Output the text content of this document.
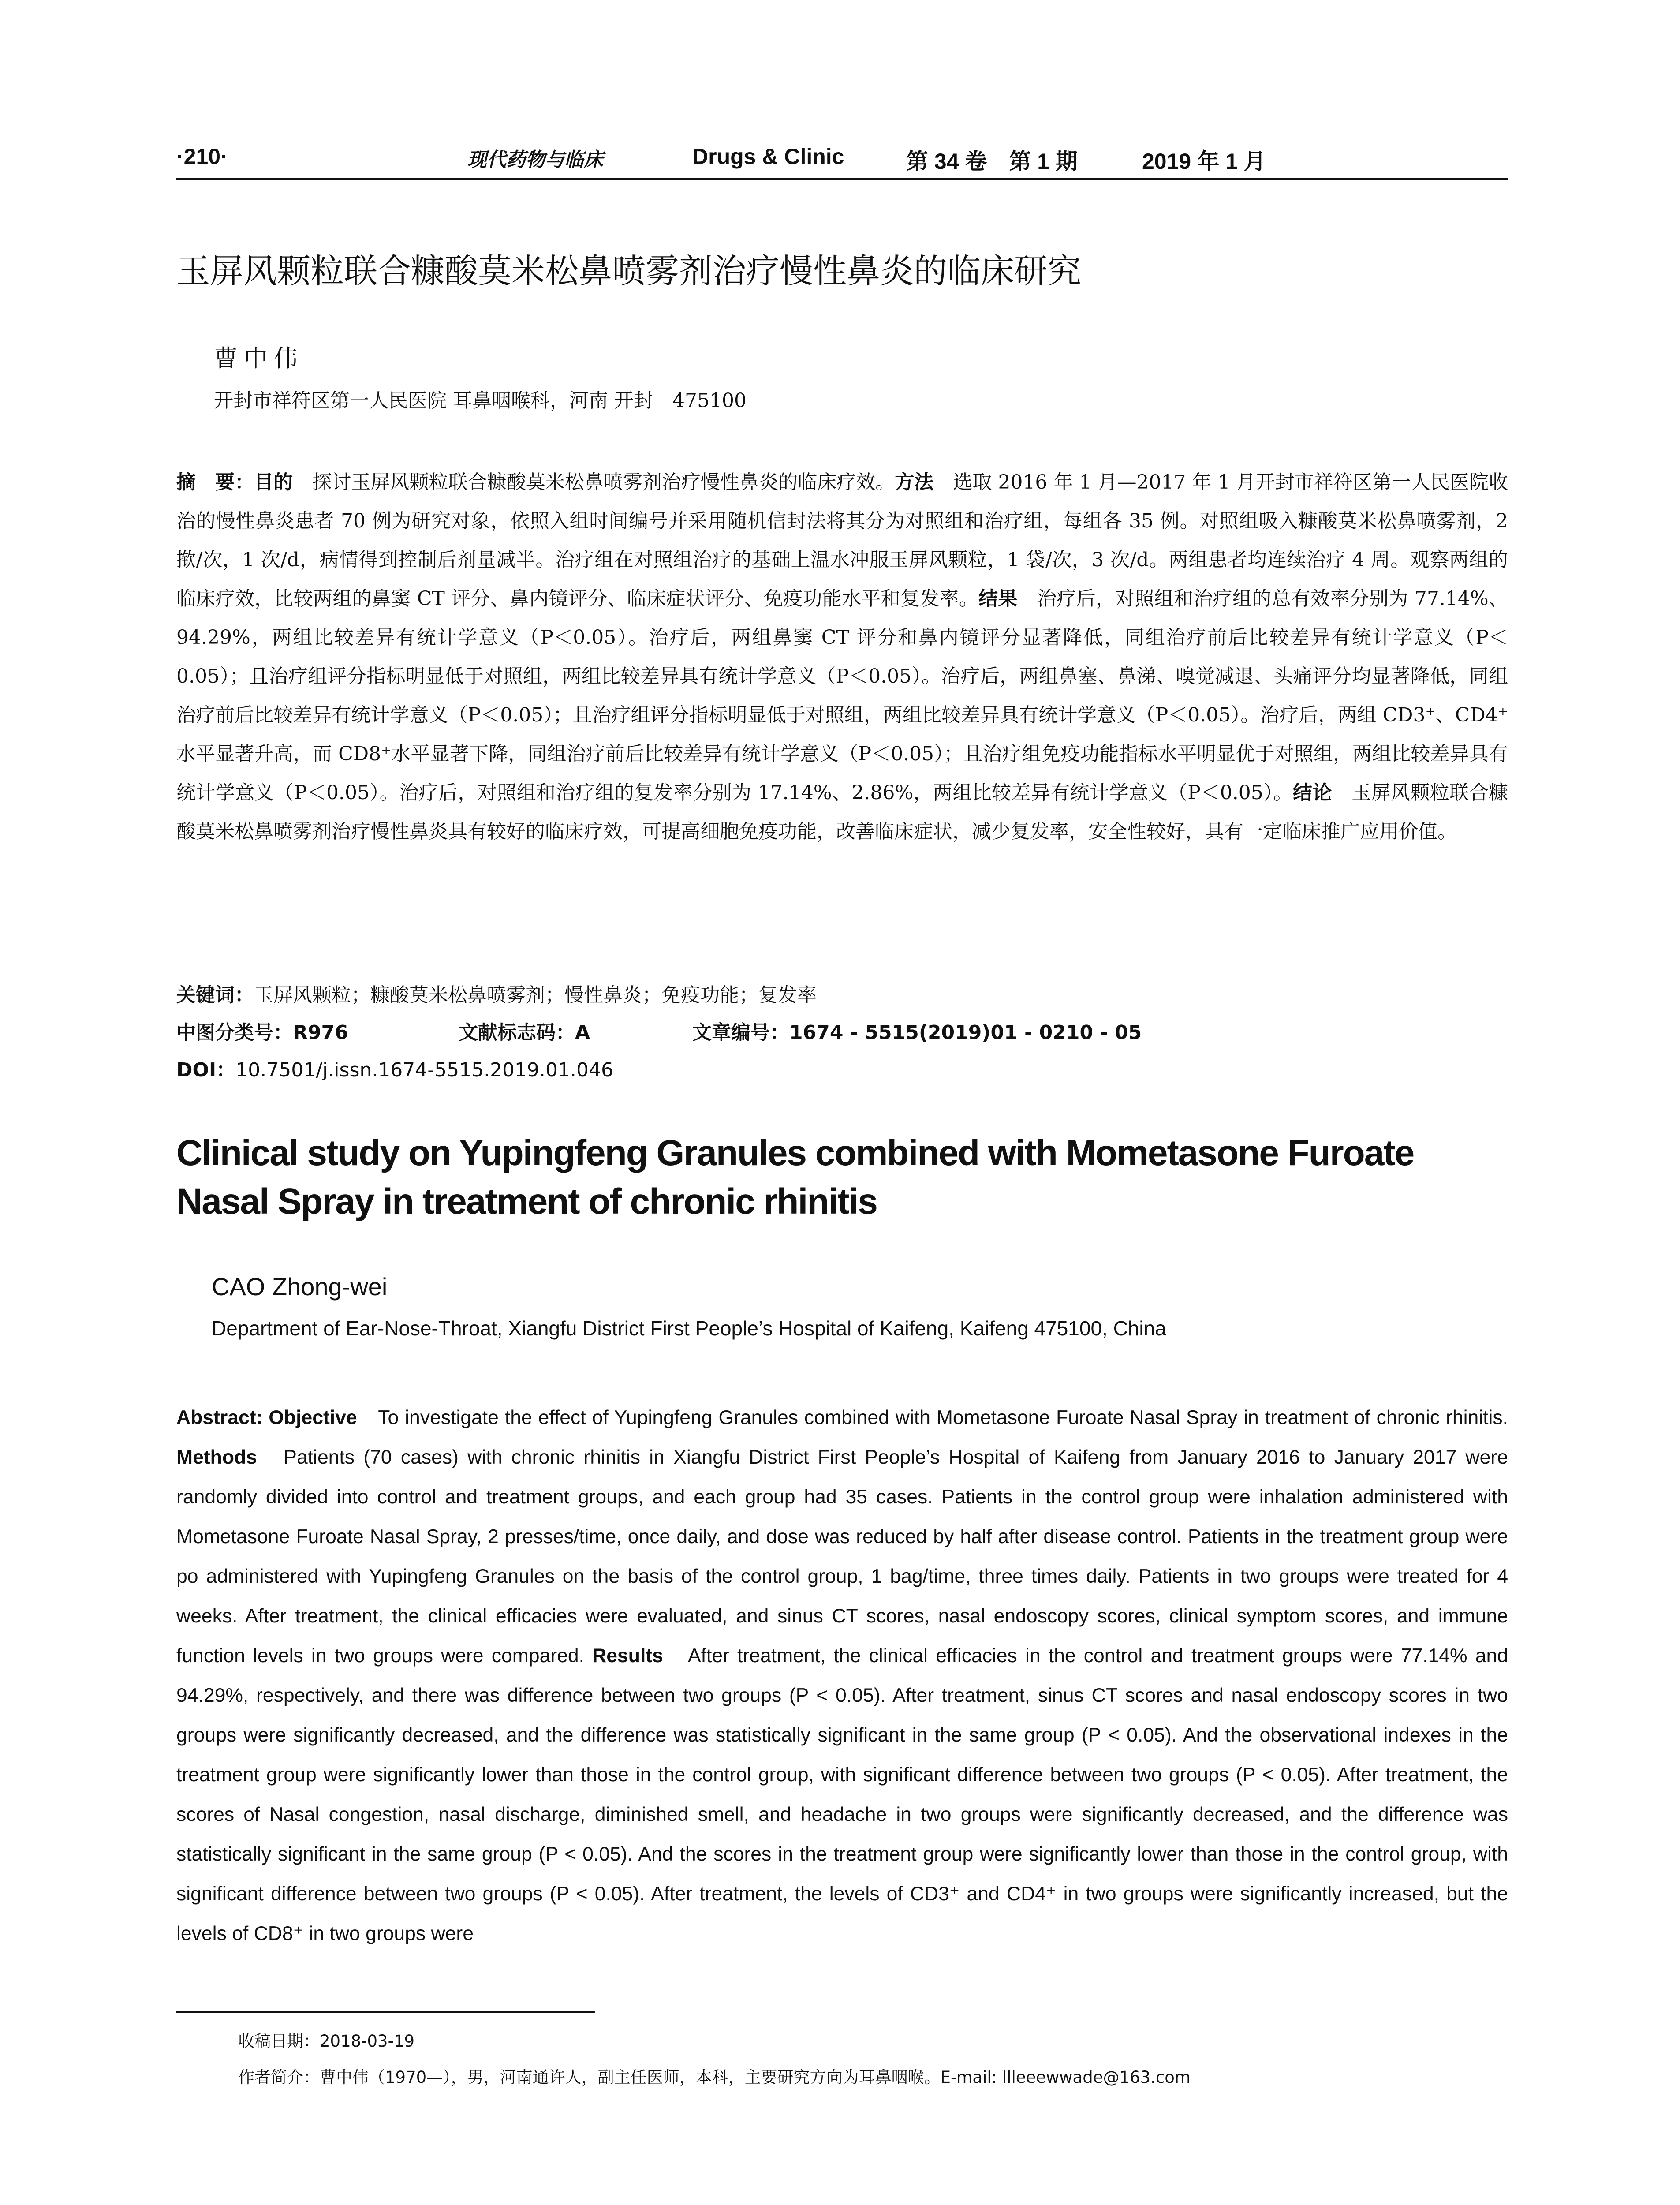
·210·	现代药物与临床	Drugs & Clinic	第 34 卷　第 1 期	2019 年 1 月
玉屏风颗粒联合糠酸莫米松鼻喷雾剂治疗慢性鼻炎的临床研究
曹中伟
开封市祥符区第一人民医院 耳鼻咽喉科，河南 开封　475100
摘　要：目的　探讨玉屏风颗粒联合糠酸莫米松鼻喷雾剂治疗慢性鼻炎的临床疗效。方法　选取 2016 年 1 月—2017 年 1 月开封市祥符区第一人民医院收治的慢性鼻炎患者 70 例为研究对象，依照入组时间编号并采用随机信封法将其分为对照组和治疗组，每组各 35 例。对照组吸入糠酸莫米松鼻喷雾剂，2 揿/次，1 次/d，病情得到控制后剂量减半。治疗组在对照组治疗的基础上温水冲服玉屏风颗粒，1 袋/次，3 次/d。两组患者均连续治疗 4 周。观察两组的临床疗效，比较两组的鼻窦 CT 评分、鼻内镜评分、临床症状评分、免疫功能水平和复发率。结果　治疗后，对照组和治疗组的总有效率分别为 77.14%、94.29%，两组比较差异有统计学意义（P＜0.05）。治疗后，两组鼻窦 CT 评分和鼻内镜评分显著降低，同组治疗前后比较差异有统计学意义（P＜0.05）；且治疗组评分指标明显低于对照组，两组比较差异具有统计学意义（P＜0.05）。治疗后，两组鼻塞、鼻涕、嗅觉减退、头痛评分均显著降低，同组治疗前后比较差异有统计学意义（P＜0.05）；且治疗组评分指标明显低于对照组，两组比较差异具有统计学意义（P＜0.05）。治疗后，两组 CD3⁺、CD4⁺水平显著升高，而 CD8⁺水平显著下降，同组治疗前后比较差异有统计学意义（P＜0.05）；且治疗组免疫功能指标水平明显优于对照组，两组比较差异具有统计学意义（P＜0.05）。治疗后，对照组和治疗组的复发率分别为 17.14%、2.86%，两组比较差异有统计学意义（P＜0.05）。结论　玉屏风颗粒联合糠酸莫米松鼻喷雾剂治疗慢性鼻炎具有较好的临床疗效，可提高细胞免疫功能，改善临床症状，减少复发率，安全性较好，具有一定临床推广应用价值。
关键词：玉屏风颗粒；糠酸莫米松鼻喷雾剂；慢性鼻炎；免疫功能；复发率
中图分类号：R976	文献标志码：A	文章编号：1674 - 5515(2019)01 - 0210 - 05
DOI：10.7501/j.issn.1674-5515.2019.01.046
Clinical study on Yupingfeng Granules combined with Mometasone Furoate Nasal Spray in treatment of chronic rhinitis
CAO Zhong-wei
Department of Ear-Nose-Throat, Xiangfu District First People’s Hospital of Kaifeng, Kaifeng 475100, China
Abstract: Objective　To investigate the effect of Yupingfeng Granules combined with Mometasone Furoate Nasal Spray in treatment of chronic rhinitis. Methods　Patients (70 cases) with chronic rhinitis in Xiangfu District First People’s Hospital of Kaifeng from January 2016 to January 2017 were randomly divided into control and treatment groups, and each group had 35 cases. Patients in the control group were inhalation administered with Mometasone Furoate Nasal Spray, 2 presses/time, once daily, and dose was reduced by half after disease control. Patients in the treatment group were po administered with Yupingfeng Granules on the basis of the control group, 1 bag/time, three times daily. Patients in two groups were treated for 4 weeks. After treatment, the clinical efficacies were evaluated, and sinus CT scores, nasal endoscopy scores, clinical symptom scores, and immune function levels in two groups were compared. Results　After treatment, the clinical efficacies in the control and treatment groups were 77.14% and 94.29%, respectively, and there was difference between two groups (P < 0.05). After treatment, sinus CT scores and nasal endoscopy scores in two groups were significantly decreased, and the difference was statistically significant in the same group (P < 0.05). And the observational indexes in the treatment group were significantly lower than those in the control group, with significant difference between two groups (P < 0.05). After treatment, the scores of Nasal congestion, nasal discharge, diminished smell, and headache in two groups were significantly decreased, and the difference was statistically significant in the same group (P < 0.05). And the scores in the treatment group were significantly lower than those in the control group, with significant difference between two groups (P < 0.05). After treatment, the levels of CD3⁺ and CD4⁺ in two groups were significantly increased, but the levels of CD8⁺ in two groups were
收稿日期：2018-03-19
作者简介：曹中伟（1970—），男，河南通许人，副主任医师，本科，主要研究方向为耳鼻咽喉。E-mail: llleeewwade@163.com
